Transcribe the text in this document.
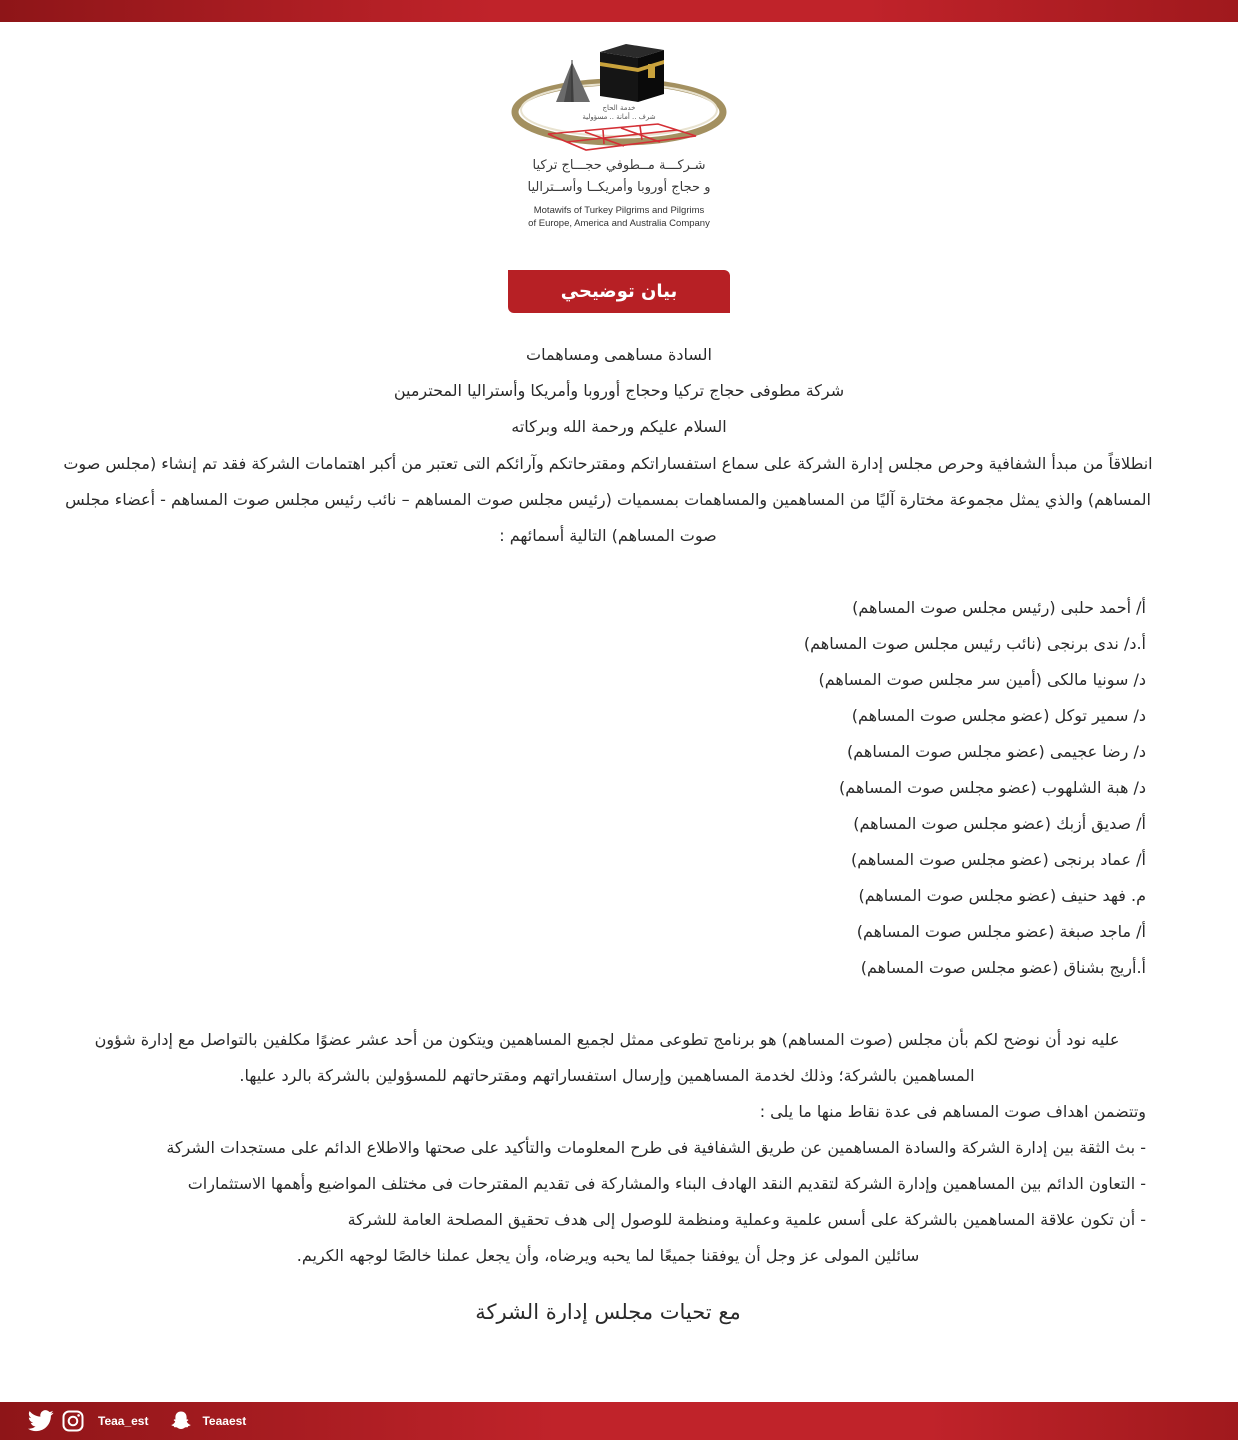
خدمة الحاج
شرف .. أمانة .. مسؤولية
شـركـــة مــطوفي حجـــاج تركيا
و حجاج أوروبا وأمريكــا وأســتراليا
Motawifs of Turkey Pilgrims and Pilgrims
of Europe, America and Australia Company
بيان توضيحي
السادة مساهمى ومساهمات
شركة مطوفى حجاج تركيا وحجاج أوروبا وأمريكا وأستراليا المحترمين
السلام عليكم ورحمة الله وبركاته
انطلاقاً من مبدأ الشفافية وحرص مجلس إدارة الشركة على سماع استفساراتكم ومقترحاتكم وآرائكم التى تعتبر من أكبر اهتمامات الشركة فقد تم إنشاء (مجلس صوت المساهم) والذي يمثل مجموعة مختارة آليًا من المساهمين والمساهمات بمسميات (رئيس مجلس صوت المساهم – نائب رئيس مجلس صوت المساهم - أعضاء مجلس صوت المساهم) التالية أسمائهم :
أ/ أحمد حلبى (رئيس مجلس صوت المساهم)
أ.د/ ندى برنجى (نائب رئيس مجلس صوت المساهم)
د/ سونيا مالكى (أمين سر مجلس صوت المساهم)
د/ سمير توكل (عضو مجلس صوت المساهم)
د/ رضا عجيمى (عضو مجلس صوت المساهم)
د/ هبة الشلهوب (عضو مجلس صوت المساهم)
أ/ صديق أزبك (عضو مجلس صوت المساهم)
أ/ عماد برنجى (عضو مجلس صوت المساهم)
م. فهد حنيف (عضو مجلس صوت المساهم)
أ/ ماجد صبغة (عضو مجلس صوت المساهم)
أ.أريج بشناق (عضو مجلس صوت المساهم)
عليه نود أن نوضح لكم بأن مجلس (صوت المساهم) هو برنامج تطوعى ممثل لجميع المساهمين ويتكون من أحد عشر عضوًا مكلفين بالتواصل مع إدارة شؤون المساهمين بالشركة؛ وذلك لخدمة المساهمين وإرسال استفساراتهم ومقترحاتهم للمسؤولين بالشركة بالرد عليها.
وتتضمن اهداف صوت المساهم فى عدة نقاط منها ما يلى :
- بث الثقة بين إدارة الشركة والسادة المساهمين عن طريق الشفافية فى طرح المعلومات والتأكيد على صحتها والاطلاع الدائم على مستجدات الشركة
- التعاون الدائم بين المساهمين وإدارة الشركة لتقديم النقد الهادف البناء والمشاركة فى تقديم المقترحات فى مختلف المواضيع وأهمها الاستثمارات
- أن تكون علاقة المساهمين بالشركة على أسس علمية وعملية ومنظمة للوصول إلى هدف تحقيق المصلحة العامة للشركة
سائلين المولى عز وجل أن يوفقنا جميعًا لما يحبه ويرضاه، وأن يجعل عملنا خالصًا لوجهه الكريم.
مع تحيات مجلس إدارة الشركة
Teaa_est	Teaaest
